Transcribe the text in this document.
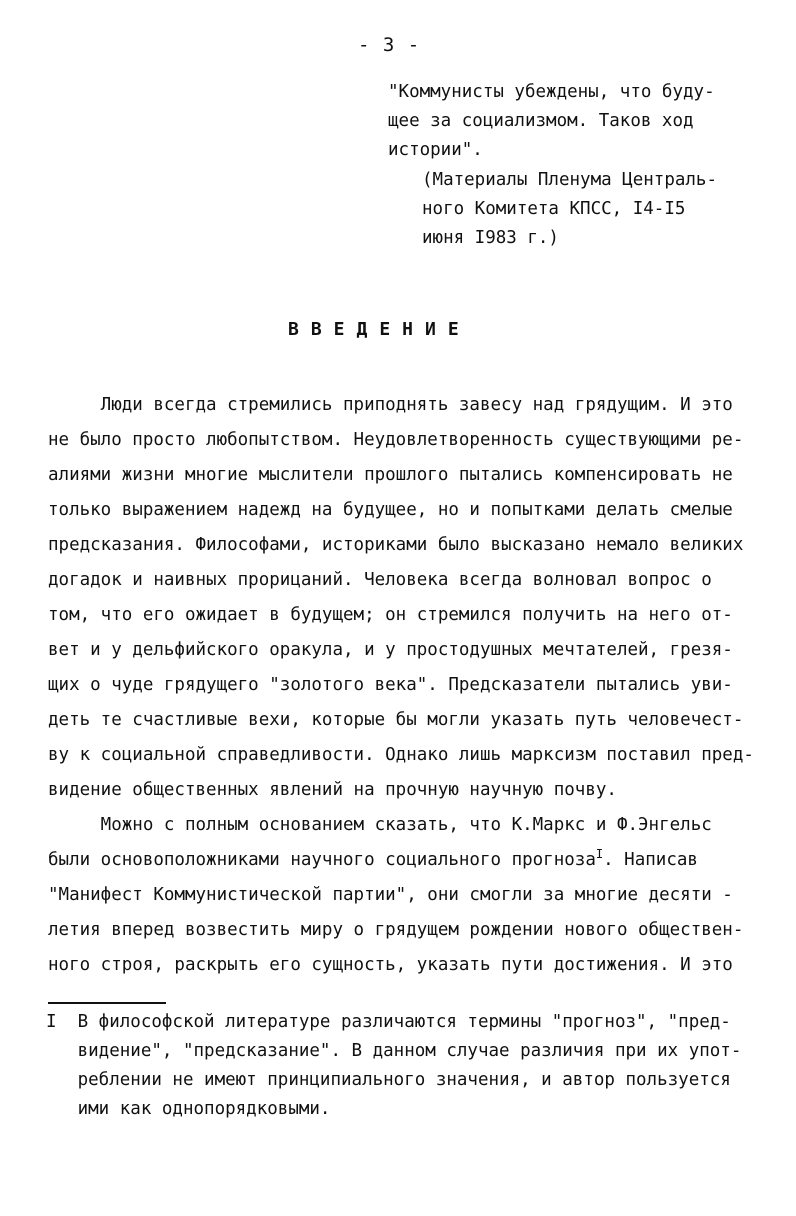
- 3 -
"Коммунисты убеждены, что буду-
щее за социализмом. Таков ход
истории".
(Материалы Пленума Централь-
ного Комитета КПСС, I4-I5
июня I983 г.)
ВВЕДЕНИЕ
Люди всегда стремились приподнять завесу над грядущим. И это
не было просто любопытством. Неудовлетворенность существующими ре-
алиями жизни многие мыслители прошлого пытались компенсировать не
только выражением надежд на будущее, но и попытками делать смелые
предсказания. Философами, историками было высказано немало великих
догадок и наивных прорицаний. Человека всегда волновал вопрос о
том, что его ожидает в будущем; он стремился получить на него от-
вет и у дельфийского оракула, и у простодушных мечтателей, грезя-
щих о чуде грядущего "золотого века". Предсказатели пытались уви-
деть те счастливые вехи, которые бы могли указать путь человечест-
ву к социальной справедливости. Однако лишь марксизм поставил пред-
видение общественных явлений на прочную научную почву.
Можно с полным основанием сказать, что К.Маркс и Ф.Энгельс
были основоположниками научного социального прогноза$^I$. Написав
"Манифест Коммунистической партии", они смогли за многие десяти -
летия вперед возвестить миру о грядущем рождении нового обществен-
ного строя, раскрыть его сущность, указать пути достижения. И это
I  В философской литературе различаются термины "прогноз", "пред-
видение", "предсказание". В данном случае различия при их упот-
реблении не имеют принципиального значения, и автор пользуется
ими как однопорядковыми.
